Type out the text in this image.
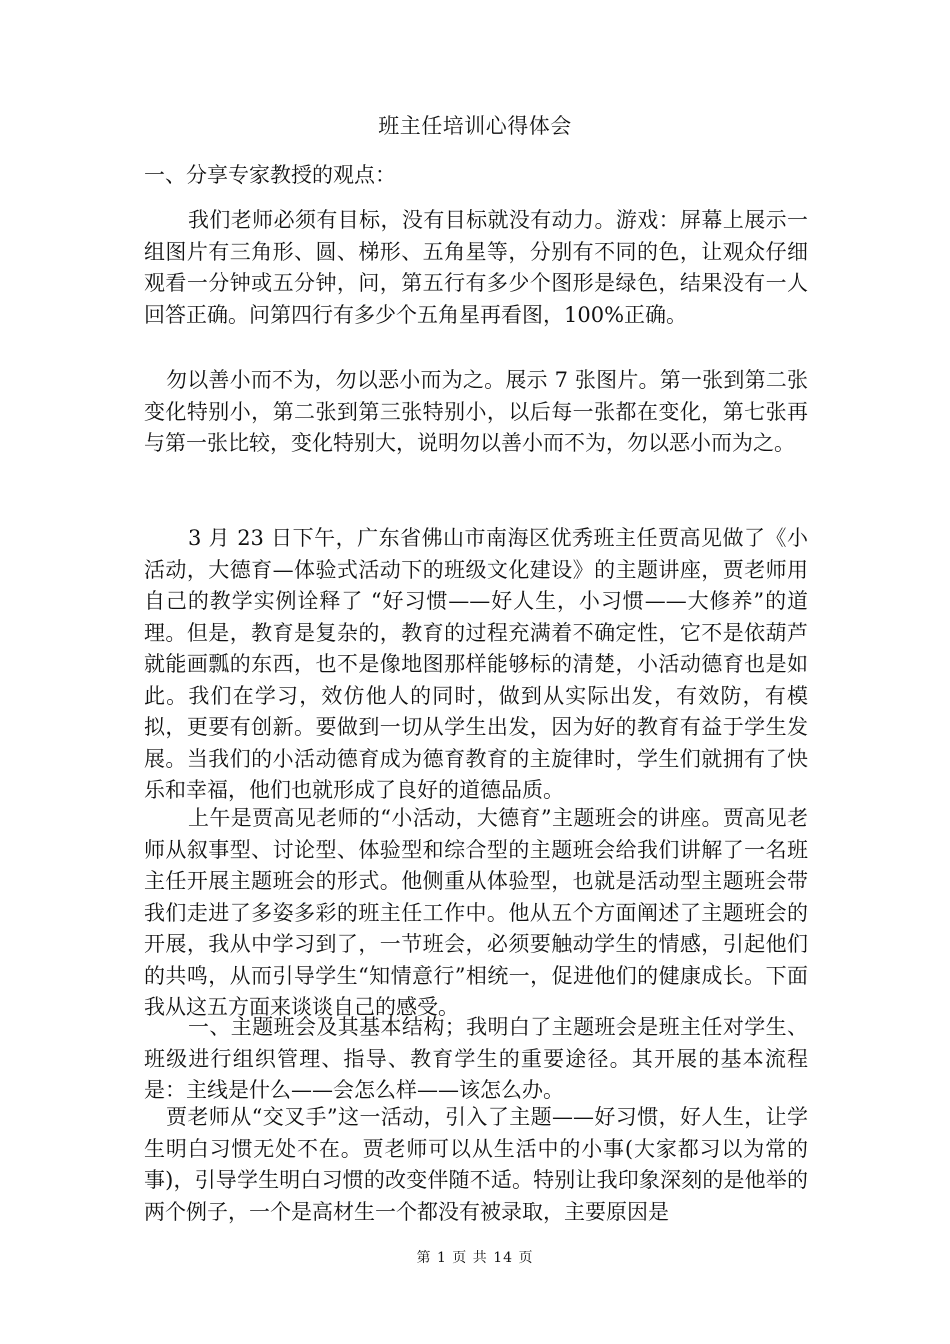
班主任培训心得体会
一、分享专家教授的观点：
我们老师必须有目标，没有目标就没有动力。游戏：屏幕上展示一组图片有三角形、圆、梯形、五角星等，分别有不同的色，让观众仔细观看一分钟或五分钟，问，第五行有多少个图形是绿色，结果没有一人回答正确。问第四行有多少个五角星再看图，100%正确。
勿以善小而不为，勿以恶小而为之。展示 7 张图片。第一张到第二张变化特别小，第二张到第三张特别小，以后每一张都在变化，第七张再与第一张比较，变化特别大，说明勿以善小而不为，勿以恶小而为之。
3 月 23 日下午，广东省佛山市南海区优秀班主任贾高见做了《小活动，大德育—体验式活动下的班级文化建设》的主题讲座，贾老师用自己的教学实例诠释了 “好习惯——好人生，小习惯——大修养”的道理。但是，教育是复杂的，教育的过程充满着不确定性，它不是依葫芦就能画瓢的东西，也不是像地图那样能够标的清楚，小活动德育也是如此。我们在学习，效仿他人的同时，做到从实际出发，有效防，有模拟，更要有创新。要做到一切从学生出发，因为好的教育有益于学生发展。当我们的小活动德育成为德育教育的主旋律时，学生们就拥有了快乐和幸福，他们也就形成了良好的道德品质。
上午是贾高见老师的“小活动，大德育”主题班会的讲座。贾高见老师从叙事型、讨论型、体验型和综合型的主题班会给我们讲解了一名班主任开展主题班会的形式。他侧重从体验型，也就是活动型主题班会带我们走进了多姿多彩的班主任工作中。他从五个方面阐述了主题班会的开展，我从中学习到了，一节班会，必须要触动学生的情感，引起他们的共鸣，从而引导学生“知情意行”相统一，促进他们的健康成长。下面我从这五方面来谈谈自己的感受。
一、主题班会及其基本结构；我明白了主题班会是班主任对学生、班级进行组织管理、指导、教育学生的重要途径。其开展的基本流程是：主线是什么——会怎么样——该怎么办。
贾老师从“交叉手”这一活动，引入了主题——好习惯，好人生，让学生明白习惯无处不在。贾老师可以从生活中的小事(大家都习以为常的事)，引导学生明白习惯的改变伴随不适。特别让我印象深刻的是他举的两个例子，一个是高材生一个都没有被录取，主要原因是
第 1 页 共 14 页
